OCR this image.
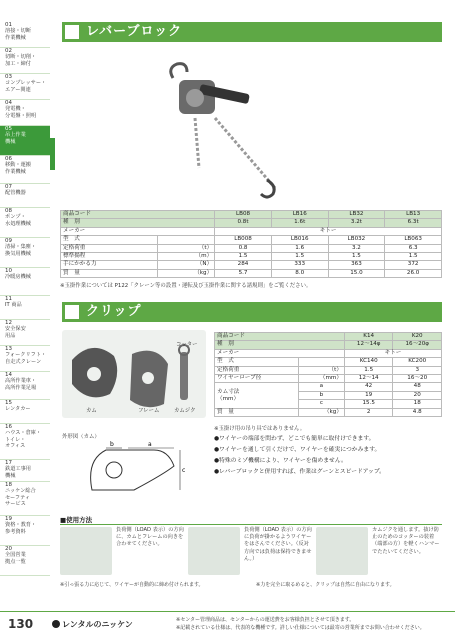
01
溶接・切断
作業機械
02
切断・切削・
加工・締付
03
コンプレッサー・
エアー関連
04
発電機・
分電盤・照明
05
吊上作業
機械
06
移動・運搬
作業機械
07
配管機器
08
ポンプ・
水処理機械
09
清掃・集塵・
換気用機械
10
冷暖房機械
11
IT 商品
12
安全保安
用品
13
フォークリフト・
自走式クレーン
14
高所作業車・
高所作業足場
15
レンタカー
16
ハウス・倉庫・
トイレ・
オフィス
17
鉄道工事用
機械
18
ニッケン総合
セーフティ
サービス
19
資格・教育・
参考資料
20
全国営業
拠点一覧
レバーブロック
商品コード		LB08	LB16	LB32	LB13
種　別		0.8t	1.6t	3.2t	6.3t
メーカー		キトー			
型　式		LB008	LB016	LB032	LB063
定格荷重	（t）	0.8	1.6	3.2	6.3
標準揚程	（m）	1.5	1.5	1.5	1.5
手にかかる力	（N）	284	333	363	372
質　量	（kg）	5.7	8.0	15.0	26.0
※玉掛作業については P122「クレーン等の設置・運転及び玉掛作業に関する諸規則」をご覧ください。
クリップ
コッター
カム	フレーム	カムジク
外形図（カム）
b	a
c
商品コード		K14	K20
種　別		12〜14φ	16〜20φ
メーカー		キトー	
型　式		KC140	KC200
定格荷重	（t）	1.5	3
ワイヤーロープ径	（mm）	12〜14	16〜20

カム寸法
（mm）	a	42	48
	b	19	20
	c	15.5	18
質　量	（kg）	2	4.8
※玉掛け用の吊り具ではありません。
●ワイヤーの端部を問わず、どこでも簡単に取付けできます。
●ワイヤーを通して引くだけで、ワイヤーを確実につかみます。
●特殊のミゾ機構により、ワイヤーを傷めません。
●レバーブロックと併用すれば、作業はグーンとスピードアップ。
■使用方法
負荷側（LOAD 表示）の方向に、カムとフレームの向きを合わせてください。
負荷側（LOAD 表示）の方向に負荷が掛かるようワイヤーをはさんでください。（反対方向では負荷は保持できません。）
カムジクを通します。抜け防止のためのコッターの装着（端部の方）を軽くハンマーでたたいてください。
※引っ張る力に応じて、ワイヤーが自動的に締め付けられます。	※力を完全に取るめると、クリップは自然に自由になります。
130	レンタルのニッケン	※センター管理商品は、センターからの運送費をお客様負担とさせて頂きます。
※記載されている仕様は、代表的な機種です。詳しい仕様については最寄の営業所までお問い合わせください。
